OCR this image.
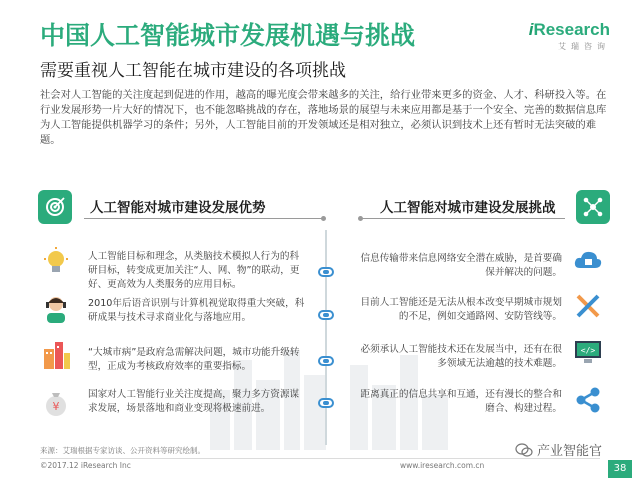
中国人工智能城市发展机遇与挑战
需要重视人工智能在城市建设的各项挑战
iResearch
艾瑞咨询

社会对人工智能的关注度起到促进的作用，越高的曝光度会带来越多的关注，给行业带来更多的资金、人才、科研投入等。在行业发展形势一片大好的情况下，也不能忽略挑战的存在，落地场景的展望与未来应用都是基于一个安全、完善的数据信息库为人工智能提供机器学习的条件；另外，人工智能目前的开发领域还是相对独立，必须认识到技术上还有暂时无法突破的难题。

人工智能对城市建设发展优势	人工智能对城市建设发展挑战
人工智能目标和理念，从类脑技术模拟人行为的科研目标，转变成更加关注“人、网、物”的联动，更好、更高效为人类服务的应用目标。
2010年后语音识别与计算机视觉取得重大突破，科研成果与技术寻求商业化与落地应用。
“大城市病”是政府急需解决问题，城市功能升级转型，正成为考核政府效率的重要指标。
¥
国家对人工智能行业关注度提高，聚力多方资源谋求发展，场景落地和商业变现将极速前进。
信息传输带来信息网络安全潜在威胁，是首要确保并解决的问题。
目前人工智能还是无法从根本改变早期城市规划的不足，例如交通路网、安防管线等。
</>
必须承认人工智能技术还在发展当中，还有在很多领域无法逾越的技术难题。
距离真正的信息共享和互通，还有漫长的整合和磨合、构建过程。
来源：艾瑞根据专家访谈、公开资料等研究绘制。
©2017.12 iResearch Inc	www.iresearch.com.cn
产业智能官
38
